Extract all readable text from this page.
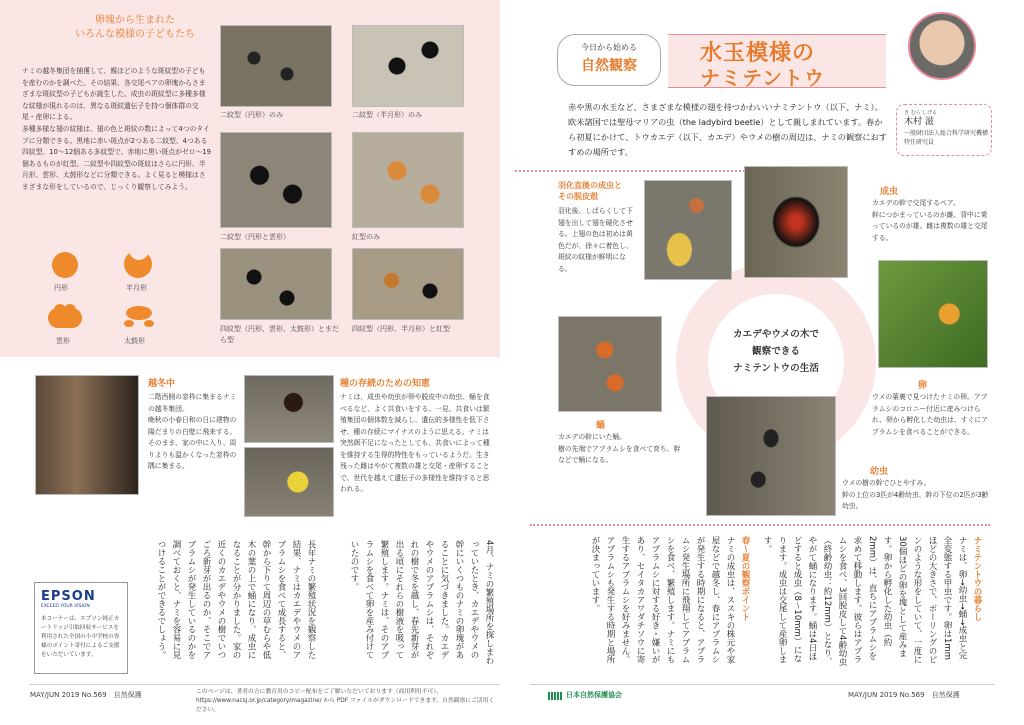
卵塊から生まれた
いろんな模様の子どもたち
ナミの越冬集団を捕獲して、親ほどのような斑紋型の子どもを産むのかを調べた。その結果、各交尾ペアの卵塊からさまざまな斑紋型の子どもが誕生した。成虫の斑紋型に多種多様な紋様が現れるのは、異なる斑紋遺伝子を持つ個体群の交尾・産卵による。
多種多様な翅の紋様は、翅の色と斑紋の数によって4つのタイプに分類できる。黒地に赤い斑点が2つある二紋型、4つある四紋型、10～12個ある多紋型で、赤地に黒い斑点がゼロ～19個あるものが紅型。二紋型や四紋型の斑紋はさらに円形、半月形、雲形、太鼓形などに分類できる。よく見ると模様はさまざまな形をしているので、じっくり観察してみよう。
円形	半月形
雲形	太鼓形
二紋型（円形）のみ	二紋型（半月形）のみ
二紋型（円形と雲形）	紅型のみ
四紋型（円形、雲形、太鼓形）とまだら型
四紋型（円形、半月形）と紅型
越冬中
二階西側の窓枠に集まるナミの越冬集団。
晩秋の小春日和の日に建物の陽だまりの白壁に飛来する。そのまま、家の中に入り、周りよりも温かくなった窓枠の隅に集まる。
種の存続のための知恵
ナミは、成虫や幼虫が卵や脱皮中の幼虫、蛹を食べるなど、よく共食いをする。一見、共食いは繁殖集団の個体数を減らし、遺伝的多様性を低下させ、種の存続にマイナスのように思える。ナミは突然餌不足になったとしても、共食いによって種を維持する生得的特性をもっているようだ。生き残った雌はやがて複数の雄と交尾・産卵することで、世代を越えて遺伝子の多様性を維持すると思われる。
4月、ナミの繁殖場所を探しまわっていたとき、カエデやウメの幹にいくつものナミの卵塊があることに気づきました。カエデやウメのアブラムシは、それぞれの樹で冬を越し、春先新芽が出る頃にそれらの樹液を吸って繁殖します。ナミは、そのアブラムシを食べて卵を産み付けていたのです。
長年ナミの繁殖状況を観察した結果、ナミはカエデやウメのアブラムシを食べて成長すると、幹から下りて周辺の草むらや低木の葉の上で蛹になり、成虫になることが分かりました。家の近くのカエデやウメの樹でいつごろ新芽が出るのか、そこでアブラムシが発生しているのかを調べておくと、ナミを容易に見つけることができるでしょう。
EPSON
EXCEED YOUR VISION
本コーナーは、エプソン純正カートリッジ引取回収サービスを利用された全国の小中学校の皆様のポイント寄付によるご支援をいただいています。
MAY/JUN 2019 No.569　自然保護	このページは、著者の方に教育用のコピー配布をご了解いただいております（商用利用不可）。https://www.nacsj.or.jp/category/magazine/ から PDF ファイルがダウンロードできます。自然観察にご活用ください。
今日から始める
自然観察	水玉模様の
ナミテントウ
き むら しげる
木村 滋
一般財団法人総合科学研究機構　特任研究員
赤や黒の水玉など、さまざまな模様の翅を持つかわいいナミテントウ（以下、ナミ）。欧米諸国では聖母マリアの虫（the ladybird beetle）として親しまれています。春から初夏にかけて、トウカエデ（以下、カエデ）やウメの樹の周辺は、ナミの観察におすすめの場所です。
カエデやウメの木で
観察できる
ナミテントウの生活
羽化直後の成虫と
その脱皮殻
羽化後、しばらくして下翅を出して翅を硬化させる。上翅の色は初めは黄色だが、徐々に着色し、斑紋の紋様が鮮明になる。
成虫
カエデの幹で交尾するペア。
幹につかまっているのが雌、背中に乗っているのが雄。雌は複数の雄と交尾する。
卵
ウメの葉裏で見つけたナミの卵。アブラムシのコロニー付近に産みつけられ、卵から孵化した幼虫は、すぐにアブラムシを食べることができる。
蛹
カエデの幹にいた蛹。
樹の先端でアブラムシを食べて育ち、幹などで蛹になる。
幼虫
ウメの樹の幹でひとやすみ。
幹の上位の3匹が4齢幼虫、幹の下位の2匹が3齢幼虫。
ナミテントウの暮らし
ナミは、卵→幼虫→蛹→成虫と完全変態する甲虫です。卵は1mmほどの大きさで、ボーリングのピンのような形をしていて、一度に30個ほどの卵を塊として産みます。卵から孵化した幼虫（約2mm）は、直ちにアブラムシを求めて移動します。彼らはアブラムシを食べ、3回脱皮して4齢幼虫（終齢幼虫：約12mm）となり、やがて蛹になります。蛹は4日ほどすると成虫（8～10mm）になります。成虫は交尾して産卵します。
春〜夏の観察ポイント
ナミの成虫は、ススキの株元や家屋などで越冬し、春にアブラムシが発生する時期になると、アブラムシ発生場所に飛翔してアブラムシを食べ、繁殖します。ナミにもアブラムシに対する好き・嫌いがあり、セイタカアワダチソウに寄生するアブラムシを好みません。アブラムシも発生する時期と場所が決まっています。
日本自然保護協会	MAY/JUN 2019 No.569　自然保護
